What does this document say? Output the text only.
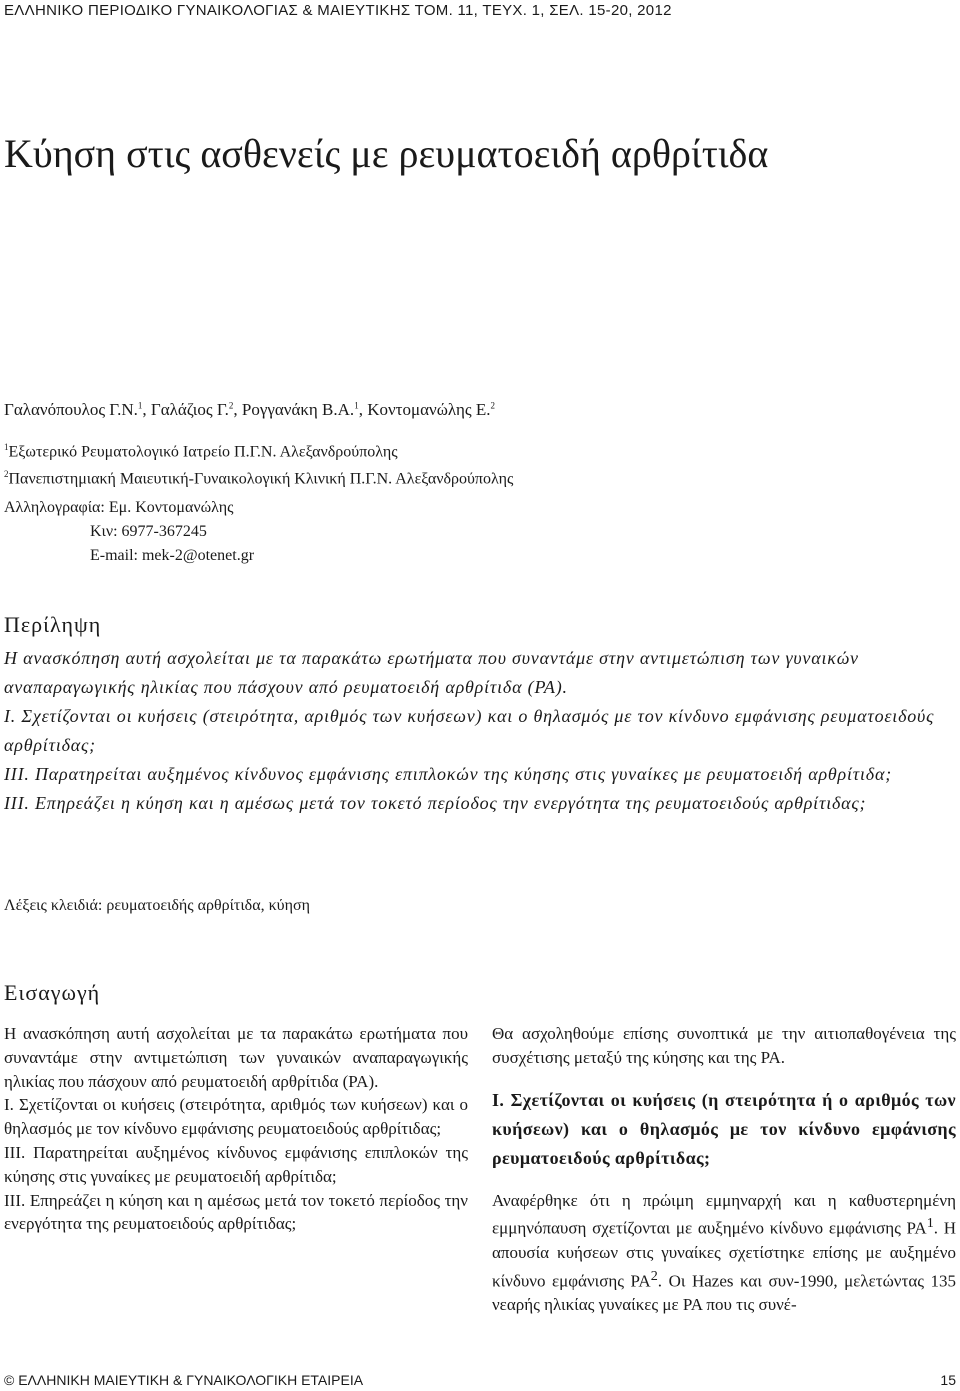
ΕΛΛΗΝΙΚΟ ΠΕΡΙΟΔΙΚΟ ΓΥΝΑΙΚΟΛΟΓΙΑΣ & ΜΑΙΕΥΤΙΚΗΣ ΤΟΜ. 11, ΤΕΥΧ. 1, ΣΕΛ. 15-20, 2012
Κύηση στις ασθενείς με ρευματοειδή αρθρίτιδα
Γαλανόπουλος Γ.Ν.$^1$, Γαλάζιος Γ.$^2$, Ρογγανάκη Β.Α.$^1$, Κοντομανώλης Ε.$^2$
$^1$Εξωτερικό Ρευματολογικό Ιατρείο Π.Γ.Ν. Αλεξανδρούπολης
$^2$Πανεπιστημιακή Μαιευτική-Γυναικολογική Κλινική Π.Γ.Ν. Αλεξανδρούπολης
Αλληλογραφία: Εμ. Κοντομανώλης
Κιν: 6977-367245
E-mail: mek-2@otenet.gr
Περίληψη

Η ανασκόπηση αυτή ασχολείται με τα παρακάτω ερωτήματα που συναντάμε στην αντιμετώπιση των γυναικών αναπαραγωγικής ηλικίας που πάσχουν από ρευματοειδή αρθρίτιδα (ΡΑ).

Ι. Σχετίζονται οι κυήσεις (στειρότητα, αριθμός των κυήσεων) και ο θηλασμός με τον κίνδυνο εμφάνισης ρευματοειδούς αρθρίτιδας;

ΙΙΙ. Παρατηρείται αυξημένος κίνδυνος εμφάνισης επιπλοκών της κύησης στις γυναίκες με ρευματοειδή αρθρίτιδα;

ΙΙΙ. Επηρεάζει η κύηση και η αμέσως μετά τον τοκετό περίοδος την ενεργότητα της ρευματοειδούς αρθρίτιδας;

Λέξεις κλειδιά: ρευματοειδής αρθρίτιδα, κύηση
Εισαγωγή

Η ανασκόπηση αυτή ασχολείται με τα παρακάτω ερωτήματα που συναντάμε στην αντιμετώπιση των γυναικών αναπαραγωγικής ηλικίας που πάσχουν από ρευματοειδή αρθρίτιδα (ΡΑ).

Ι. Σχετίζονται οι κυήσεις (στειρότητα, αριθμός των κυήσεων) και ο θηλασμός με τον κίνδυνο εμφάνισης ρευματοειδούς αρθρίτιδας;

ΙΙΙ. Παρατηρείται αυξημένος κίνδυνος εμφάνισης επιπλοκών της κύησης στις γυναίκες με ρευματοειδή αρθρίτιδα;

ΙΙΙ. Επηρεάζει η κύηση και η αμέσως μετά τον τοκετό περίοδος την ενεργότητα της ρευματοειδούς αρθρίτιδας;

Θα ασχοληθούμε επίσης συνοπτικά με την αιτιοπαθογένεια της συσχέτισης μεταξύ της κύησης και της ΡΑ.

Ι. Σχετίζονται οι κυήσεις (η στειρότητα ή ο αριθμός των κυήσεων) και ο θηλασμός με τον κίνδυνο εμφάνισης ρευματοειδούς αρθρίτιδας;

Αναφέρθηκε ότι η πρώιμη εμμηναρχή και η καθυστερημένη εμμηνόπαυση σχετίζονται με αυξημένο κίνδυνο εμφάνισης $PA^1$. Η απουσία κυήσεων στις γυναίκες σχετίστηκε επίσης με αυξημένο κίνδυνο εμφάνισης $PA^2$. Οι Hazes και συν-1990, μελετώντας 135 νεαρής ηλικίας γυναίκες με ΡΑ που τις συνέ-

© ΕΛΛΗΝΙΚΗ ΜΑΙΕΥΤΙΚΗ & ΓΥΝΑΙΚΟΛΟΓΙΚΗ ΕΤΑΙΡΕΙΑ	15
